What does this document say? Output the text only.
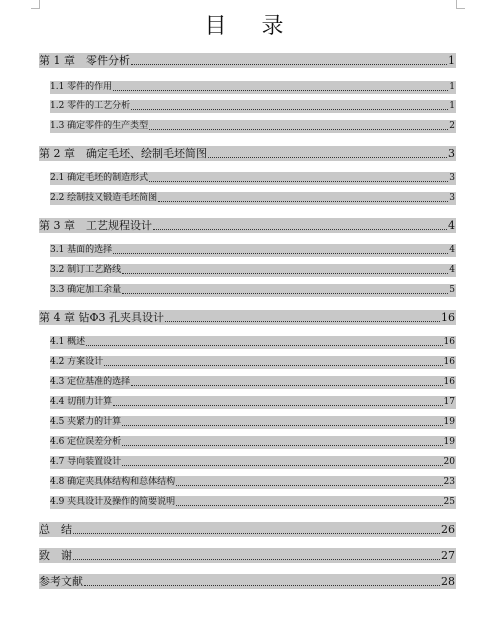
目 录
第 1 章　零件分析	1
1.1 零件的作用	1
1.2 零件的工艺分析	1
1.3 确定零件的生产类型	2
第 2 章　确定毛坯、绘制毛坯简图	3
2.1 确定毛坯的制造形式	3
2.2 绘制技又锻造毛坯简图	3
第 3 章　工艺规程设计	4
3.1 基面的选择	4
3.2 制订工艺路线	4
3.3 确定加工余量	5
第 4 章 钻Φ3 孔夹具设计	16
4.1 概述	16
4.2 方案设计	16
4.3 定位基准的选择	16
4.4 切削力计算	17
4.5 夹紧力的计算	19
4.6 定位误差分析	19
4.7 导向装置设计	20
4.8 确定夹具体结构和总体结构	23
4.9 夹具设计及操作的简要说明	25
总　结	26
致　谢	27
参考文献	28
